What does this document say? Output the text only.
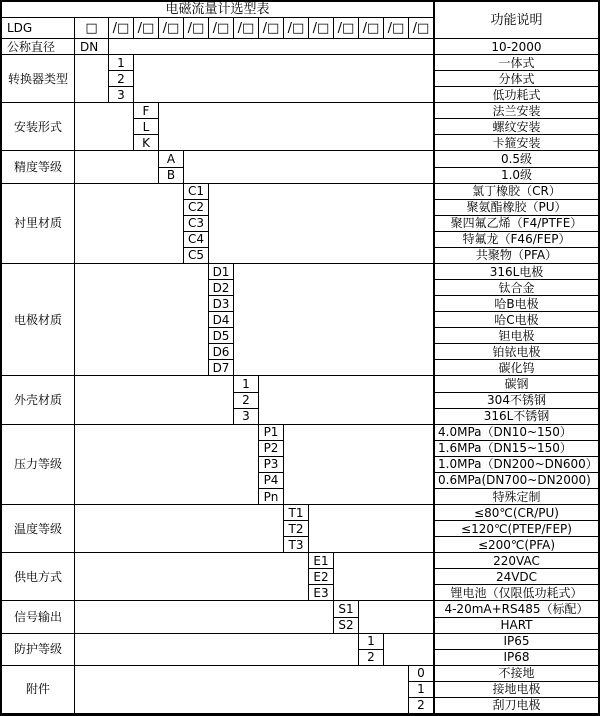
电磁流量计选型表
功能说明
LDG	□	/□ /□ /□ /□ /□ /□ /□ /□ /□ /□ /□ /□ /□
公称直径	DN	10-2000
转换器类型
1	一体式
2	分体式
3	低功耗式
安装形式
F	法兰安装
L	螺纹安装
K	卡箍安装
精度等级
A	0.5级
B	1.0级
衬里材质
C1	氯丁橡胶（CR）
C2	聚氨酯橡胶（PU）
C3	聚四氟乙烯（F4/PTFE）
C4	特氟龙（F46/FEP）
C5	共聚物（PFA）
电极材质
D1	316L电极
D2	钛合金
D3	哈B电极
D4	哈C电极
D5	钽电极
D6	铂铱电极
D7	碳化钨
外壳材质
1	碳钢
2	304不锈钢
3	316L不锈钢
压力等级
P1	4.0MPa（DN10~150）
P2	1.6MPa（DN15~150）
P3	1.0MPa（DN200~DN600）
P4	0.6MPa(DN700~DN2000)
Pn	特殊定制
温度等级
T1	≤80℃(CR/PU)
T2	≤120℃(PTEP/FEP)
T3	≤200℃(PFA)
供电方式
E1	220VAC
E2	24VDC
E3	锂电池（仅限低功耗式）
信号输出
S1	4-20mA+RS485（标配）
S2	HART
防护等级
1	IP65
2	IP68
附件
0	不接地
1	接地电极
2	刮刀电极
